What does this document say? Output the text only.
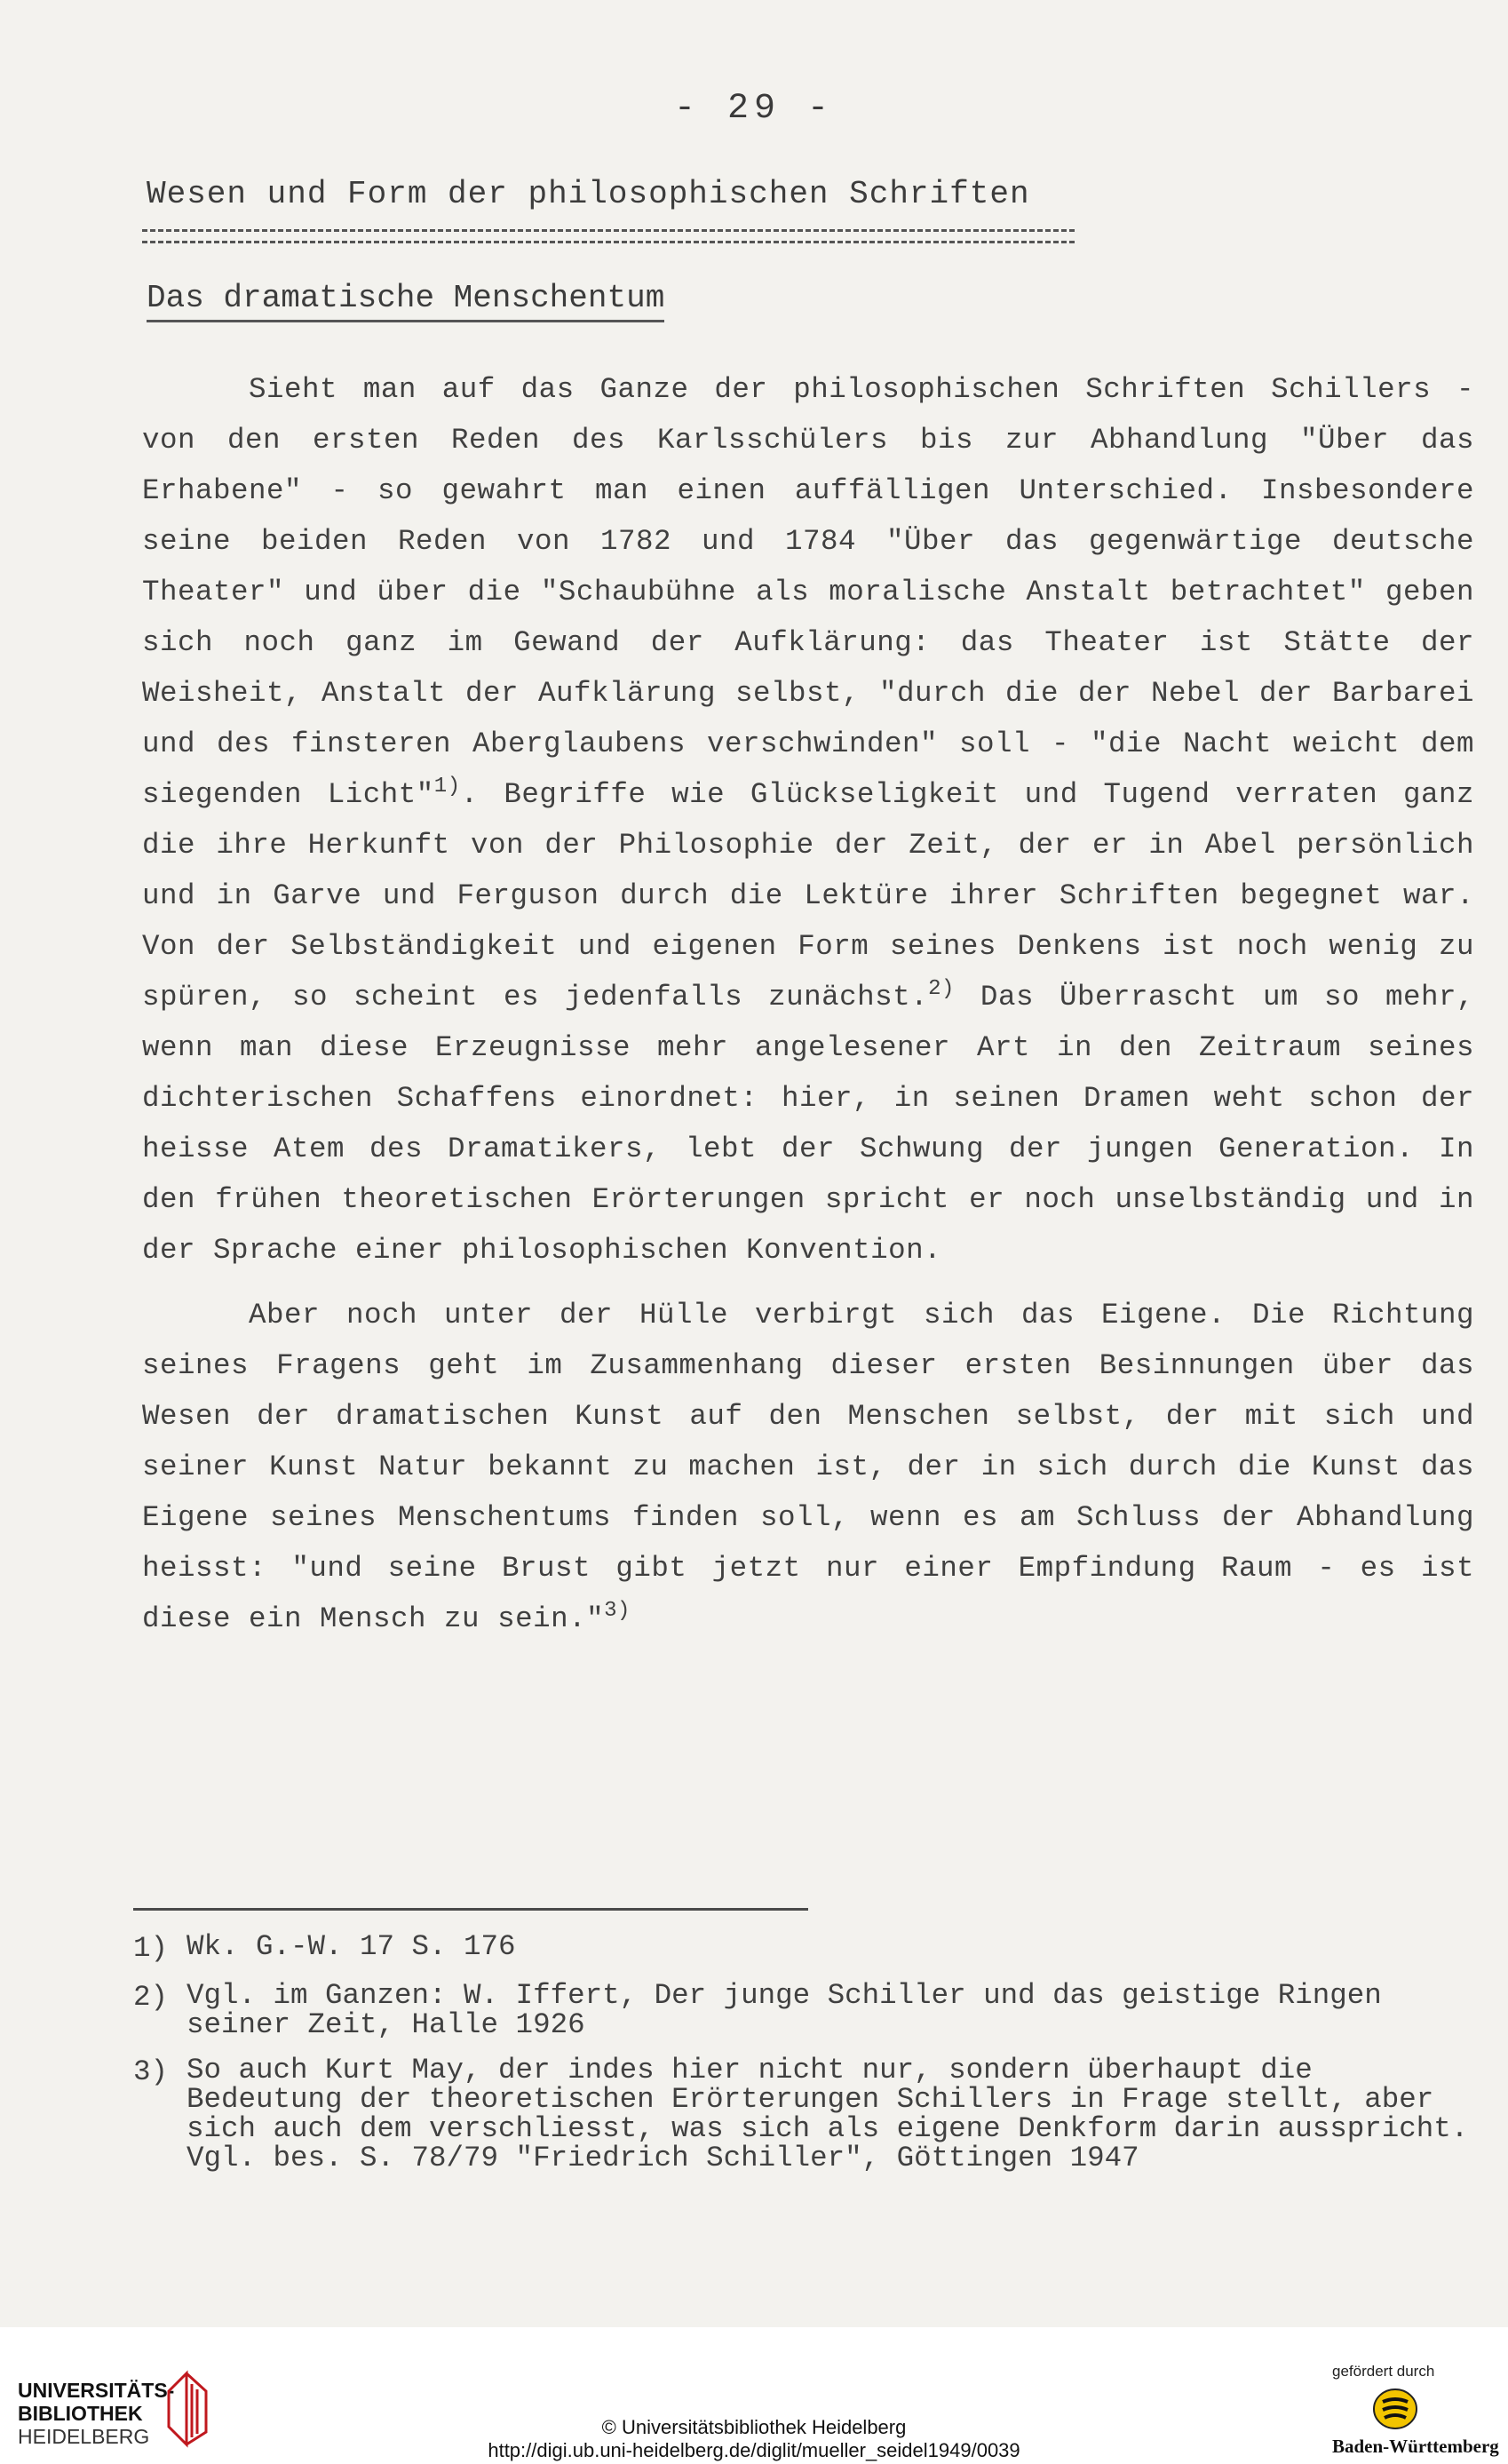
- 29 -
Wesen und Form der philosophischen Schriften
Das dramatische Menschentum

Sieht man auf das Ganze der philosophischen Schriften Schillers - von den ersten Reden des Karlsschülers bis zur Abhandlung "Über das Erhabene" - so gewahrt man einen auffälligen Unterschied. Insbesondere seine beiden Reden von 1782 und 1784 "Über das gegenwärtige deutsche Theater" und über die "Schaubühne als moralische Anstalt betrachtet" geben sich noch ganz im Gewand der Aufklärung: das Theater ist Stätte der Weisheit, Anstalt der Aufklärung selbst, "durch die der Nebel der Barbarei und des finsteren Aberglaubens verschwinden" soll - "die Nacht weicht dem siegenden Licht"$^{1)}$. Begriffe wie Glückseligkeit und Tugend verraten ganz die ihre Herkunft von der Philosophie der Zeit, der er in Abel persönlich und in Garve und Ferguson durch die Lektüre ihrer Schriften begegnet war. Von der Selbständigkeit und eigenen Form seines Denkens ist noch wenig zu spüren, so scheint es jedenfalls zunächst.$^{2)}$ Das Überrascht um so mehr, wenn man diese Erzeugnisse mehr angelesener Art in den Zeitraum seines dichterischen Schaffens einordnet: hier, in seinen Dramen weht schon der heisse Atem des Dramatikers, lebt der Schwung der jungen Generation. In den frühen theoretischen Erörterungen spricht er noch unselbständig und in der Sprache einer philosophischen Konvention.

Aber noch unter der Hülle verbirgt sich das Eigene. Die Richtung seines Fragens geht im Zusammenhang dieser ersten Besinnungen über das Wesen der dramatischen Kunst auf den Menschen selbst, der mit sich und seiner Kunst Natur bekannt zu machen ist, der in sich durch die Kunst das Eigene seines Menschentums finden soll, wenn es am Schluss der Abhandlung heisst: "und seine Brust gibt jetzt nur einer Empfindung Raum - es ist diese ein Mensch zu sein."$^{3)}$

1) Wk. G.-W. 17 S. 176
2) Vgl. im Ganzen: W. Iffert, Der junge Schiller und das geistige Ringen seiner Zeit, Halle 1926
3) So auch Kurt May, der indes hier nicht nur, sondern überhaupt die Bedeutung der theoretischen Erörterungen Schillers in Frage stellt, aber sich auch dem verschliesst, was sich als eigene Denkform darin ausspricht. Vgl. bes. S. 78/79 "Friedrich Schiller", Göttingen 1947
UNIVERSITÄTS-
BIBLIOTHEK
HEIDELBERG	© Universitätsbibliothek Heidelberg
http://digi.ub.uni-heidelberg.de/diglit/mueller_seidel1949/0039
gefördert durch
Baden-Württemberg
